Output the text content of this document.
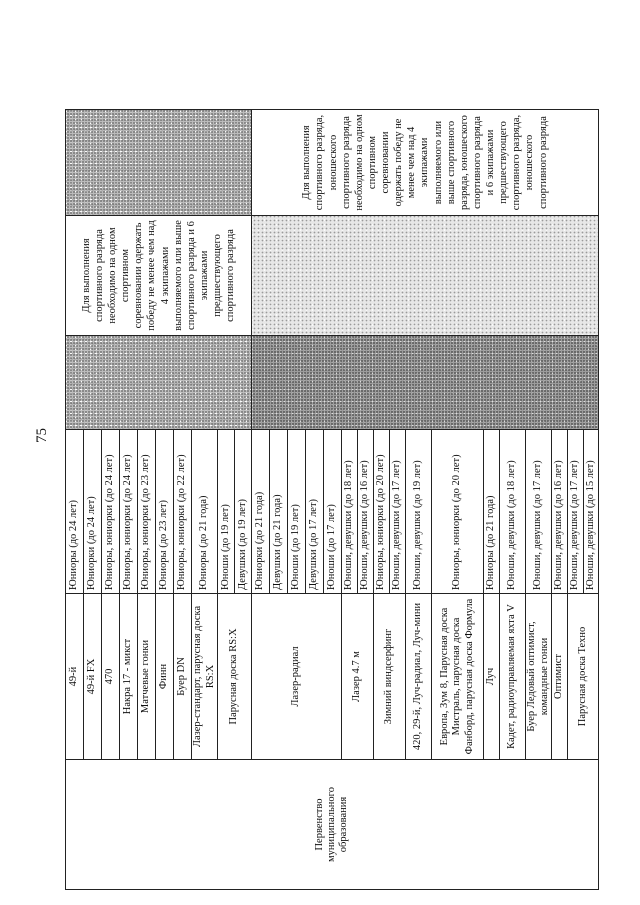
75
Первенство муниципального образования	49-й	Юниоры (до 24 лет)		Для выполнения спортивного разряда необходимо на одном спортивном соревновании одержать победу не менее чем над 4 экипажами выполняемого или выше спортивного разряда и 6 экипажами предшествующего спортивного разряда	
	49-й FX	Юниорки (до 24 лет)			
	470	Юниоры, юниорки (до 24 лет)			
	Накра 17 - микст	Юниоры, юниорки (до 24 лет)			
	Матчевые гонки	Юниоры, юниорки (до 23 лет)			
	Финн	Юниоры (до 23 лет)			
	Буер DN	Юниоры, юниорки (до 22 лет)			
	Лазер-стандарт, парусная доска RS:X	Юниоры (до 21 года)			
	Парусная доска RS:X	Юноши (до 19 лет)			
		Девушки (до 19 лет)			
	Лазер-радиал	Юниорки (до 21 года)			Для выполнения спортивного разряда, юношеского спортивного разряда необходимо на одном спортивном соревновании одержать победу не менее чем над 4 экипажами выполняемого или выше спортивного разряда, юношеского спортивного разряда и 6 экипажами предшествующего спортивного разряда, юношеского спортивного разряда
		Девушки (до 21 года)			
		Юноши (до 19 лет)			
		Девушки (до 17 лет)			
		Юноши (до 17 лет)			
	Лазер 4.7 м	Юноши, девушки (до 18 лет)			
		Юноши, девушки (до 16 лет)			
	Зимний виндсерфинг	Юниоры, юниорки (до 20 лет)			
		Юноши, девушки (до 17 лет)			
	420, 29-й, Луч-радиал, Луч-мини	Юноши, девушки (до 19 лет)			
	Европа, Зум 8, Парусная доска Мистраль, парусная доска Фанборд, парусная доска Формула	Юниоры, юниорки (до 20 лет)			
	Луч	Юниоры (до 21 года)			
	Кадет, радиоуправляемая яхта V	Юноши, девушки (до 18 лет)			
	Буер Ледовый оптимист, командные гонки	Юноши, девушки (до 17 лет)			
	Оптимист	Юноши, девушки (до 16 лет)			
	Парусная доска Техно	Юноши, девушки (до 17 лет)			
		Юноши, девушки (до 15 лет)			
